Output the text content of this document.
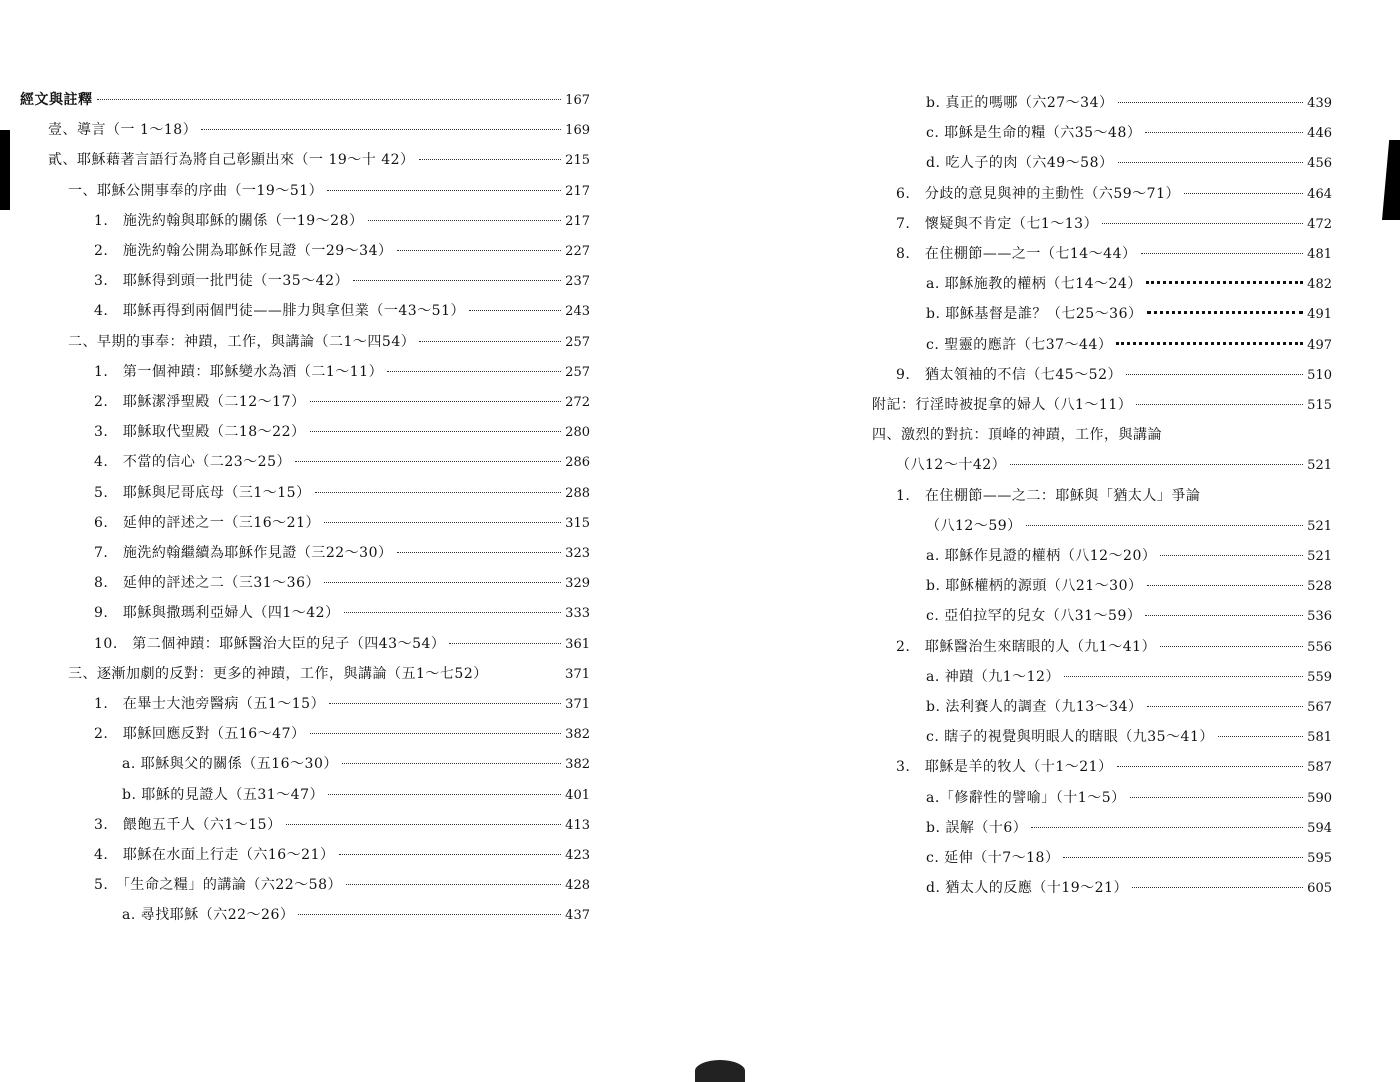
經文與註釋	167
壹、導言（一 1～18）	169
貳、耶穌藉著言語行為將自己彰顯出來（一 19～十 42）	215
一、耶穌公開事奉的序曲（一19～51）	217
1.　施洗約翰與耶穌的關係（一19～28）	217
2.　施洗約翰公開為耶穌作見證（一29～34）	227
3.　耶穌得到頭一批門徒（一35～42）	237
4.　耶穌再得到兩個門徒——腓力與拿但業（一43～51）	243
二、早期的事奉：神蹟，工作，與講論（二1～四54）	257
1.　第一個神蹟：耶穌變水為酒（二1～11）	257
2.　耶穌潔淨聖殿（二12～17）	272
3.　耶穌取代聖殿（二18～22）	280
4.　不當的信心（二23～25）	286
5.　耶穌與尼哥底母（三1～15）	288
6.　延伸的評述之一（三16～21）	315
7.　施洗約翰繼續為耶穌作見證（三22～30）	323
8.　延伸的評述之二（三31～36）	329
9.　耶穌與撒瑪利亞婦人（四1～42）	333
10.　第二個神蹟：耶穌醫治大臣的兒子（四43～54）	361
三、逐漸加劇的反對：更多的神蹟，工作，與講論（五1～七52）	371
1.　在畢士大池旁醫病（五1～15）	371
2.　耶穌回應反對（五16～47）	382
a. 耶穌與父的關係（五16～30）	382
b. 耶穌的見證人（五31～47）	401
3.　餵飽五千人（六1～15）	413
4.　耶穌在水面上行走（六16～21）	423
5.　「生命之糧」的講論（六22～58）	428
a. 尋找耶穌（六22～26）	437
b. 真正的嗎哪（六27～34）	439
c. 耶穌是生命的糧（六35～48）	446
d. 吃人子的肉（六49～58）	456
6.　分歧的意見與神的主動性（六59～71）	464
7.　懷疑與不肯定（七1～13）	472
8.　在住棚節——之一（七14～44）	481
a. 耶穌施教的權柄（七14～24）	482
b. 耶穌基督是誰？（七25～36）	491
c. 聖靈的應許（七37～44）	497
9.　猶太領袖的不信（七45～52）	510
附記：行淫時被捉拿的婦人（八1～11）	515
四、激烈的對抗：頂峰的神蹟，工作，與講論
（八12～十42）	521
1.　在住棚節——之二：耶穌與「猶太人」爭論
（八12～59）	521
a. 耶穌作見證的權柄（八12～20）	521
b. 耶穌權柄的源頭（八21～30）	528
c. 亞伯拉罕的兒女（八31～59）	536
2.　耶穌醫治生來瞎眼的人（九1～41）	556
a. 神蹟（九1～12）	559
b. 法利賽人的調查（九13～34）	567
c. 瞎子的視覺與明眼人的瞎眼（九35～41）	581
3.　耶穌是羊的牧人（十1～21）	587
a.「修辭性的譬喻」（十1～5）	590
b. 誤解（十6）	594
c. 延伸（十7～18）	595
d. 猶太人的反應（十19～21）	605
